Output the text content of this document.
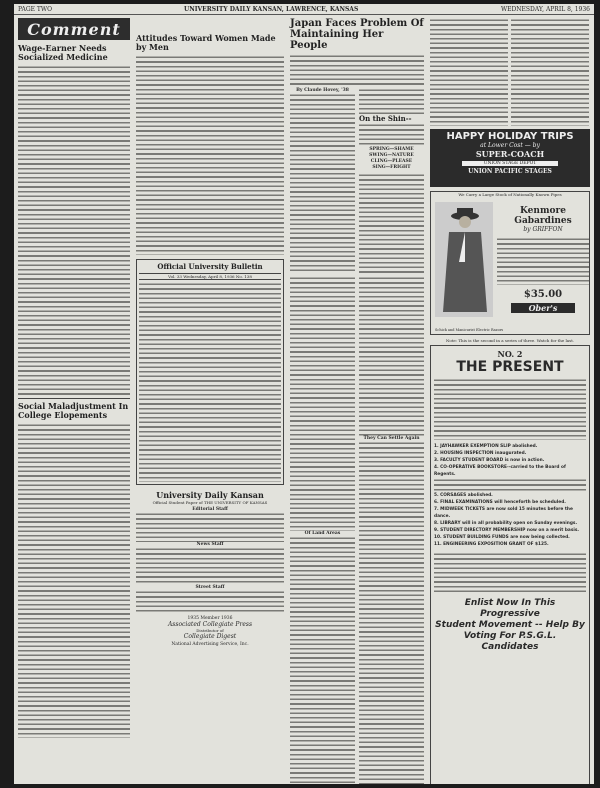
PAGE TWO	UNIVERSITY DAILY KANSAN, LAWRENCE, KANSAS	WEDNESDAY, APRIL 8, 1936
Comment
Wage-Earner Needs Socialized Medicine
Social Maladjustment In College Elopements
Attitudes Toward Women Made by Men
Official University Bulletin
Vol. 33 Wednesday, April 8, 1936 No. 138
University Daily Kansan
Official Student Paper of THE UNIVERSITY OF KANSAS
Editorial Staff
News Staff
Street Staff
1935 Member 1936
Associated Collegiate Press
Distributor of
Collegiate Digest
National Advertising Service, Inc.
Japan Faces Problem Of Maintaining Her People
By Claude Hovey, '38
On the Shin--
SPRING—SHAME
SWING—NATURE
CLING—PLEASE
SING—FRIGHT
Of Land Areas
They Can Settle Again
HAPPY HOLIDAY TRIPS
at Lower Cost — by
SUPER-COACH
UNION STAGE DEPOT
UNION PACIFIC STAGES
We Carry a Large Stock of Nationally Known Pipes
Kenmore Gabardines
by GRIFFON
$35.00
Ober's
Schick and Manicurist Electric Razors
Note: This is the second in a series of three. Watch for the last.
NO. 2
THE PRESENT
1. JAYHAWKER EXEMPTION SLIP abolished.
2. HOUSING INSPECTION inaugurated.
3. FACULTY STUDENT BOARD is now in action.
4. CO-OPERATIVE BOOKSTORE--carried to the Board of Regents.
5. CORSAGES abolished.
6. FINAL EXAMINATIONS will henceforth be scheduled.
7. MIDWEEK TICKETS are now sold 15 minutes before the dance.
8. LIBRARY will in all probability open on Sunday evenings.
9. STUDENT DIRECTORY MEMBERSHIP now on a merit basis.
10. STUDENT BUILDING FUNDS are now being collected.
11. ENGINEERING EXPOSITION GRANT OF $125.
Enlist Now In This Progressive
Student Movement -- Help By
Voting For P.S.G.L. Candidates
